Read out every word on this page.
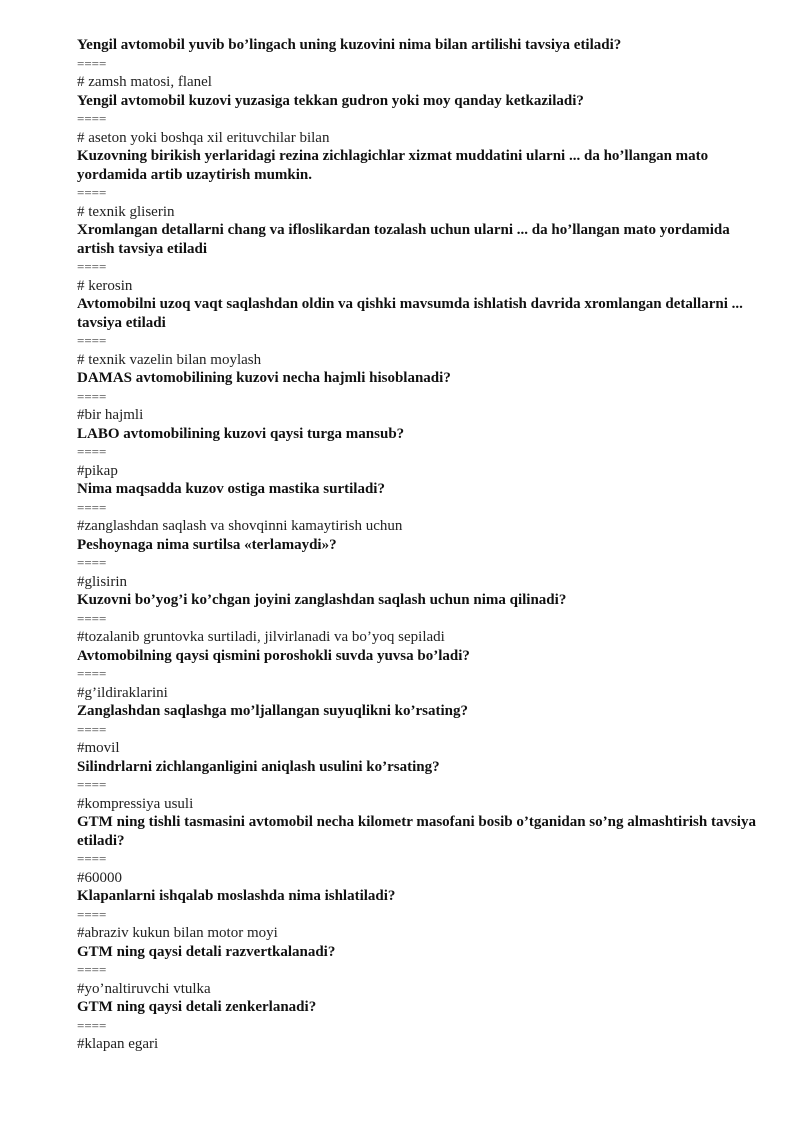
Yengil avtomobil yuvib bo’lingach uning kuzovini nima bilan artilishi tavsiya etiladi?

====

# zamsh matosi, flanel

Yengil avtomobil kuzovi yuzasiga tekkan gudron yoki moy qanday ketkaziladi?

====

# aseton yoki boshqa xil erituvchilar bilan

Kuzovning birikish yerlaridagi rezina zichlagichlar xizmat muddatini ularni ... da ho’llangan mato yordamida artib uzaytirish mumkin.

====

# texnik gliserin

Xromlangan detallarni chang va ifloslikardan tozalash uchun ularni ... da ho’llangan mato yordamida artish tavsiya etiladi

====

# kerosin

Avtomobilni uzoq vaqt saqlashdan oldin va qishki mavsumda ishlatish davrida xromlangan detallarni ... tavsiya etiladi

====

# texnik vazelin bilan moylash

DAMAS avtomobilining kuzovi necha hajmli hisoblanadi?

====

#bir hajmli

LABO avtomobilining kuzovi qaysi turga mansub?

====

#pikap

Nima maqsadda kuzov ostiga mastika surtiladi?

====

#zanglashdan saqlash va shovqinni kamaytirish uchun

Peshoynaga nima surtilsa «terlamaydi»?

====

#glisirin

Kuzovni bo’yog’i ko’chgan joyini zanglashdan saqlash uchun nima qilinadi?

====

#tozalanib gruntovka surtiladi, jilvirlanadi va bo’yoq sepiladi

Avtomobilning qaysi qismini poroshokli suvda yuvsa bo’ladi?

====

#g’ildiraklarini

Zanglashdan saqlashga mo’ljallangan suyuqlikni ko’rsating?

====

#movil

Silindrlarni zichlanganligini aniqlash usulini ko’rsating?

====

#kompressiya usuli

GTM ning tishli tasmasini avtomobil necha kilometr masofani bosib o’tganidan so’ng almashtirish tavsiya etiladi?

====

#60000

Klapanlarni ishqalab moslashda nima ishlatiladi?

====

#abraziv kukun bilan motor moyi

GTM ning qaysi detali razvertkalanadi?

====

#yo’naltiruvchi vtulka

GTM ning qaysi detali zenkerlanadi?

====

#klapan egari
